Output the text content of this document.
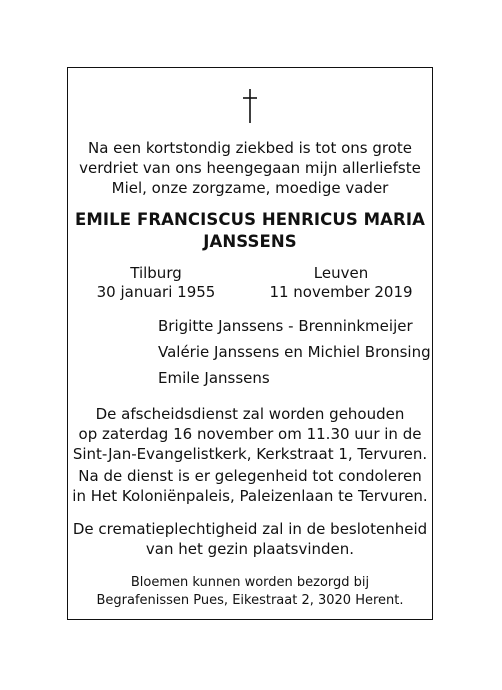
Na een kortstondig ziekbed is tot ons grote
verdriet van ons heengegaan mijn allerliefste
Miel, onze zorgzame, moedige vader
EMILE FRANCISCUS HENRICUS MARIA
JANSSENS
Tilburg
30 januari 1955
Leuven
11 november 2019
Brigitte Janssens - Brenninkmeijer
Valérie Janssens en Michiel Bronsing
Emile Janssens
De afscheidsdienst zal worden gehouden
op zaterdag 16 november om 11.30 uur in de
Sint-Jan-Evangelistkerk, Kerkstraat 1, Tervuren.
Na de dienst is er gelegenheid tot condoleren
in Het Koloniënpaleis, Paleizenlaan te Tervuren.
De crematieplechtigheid zal in de beslotenheid
van het gezin plaatsvinden.
Bloemen kunnen worden bezorgd bij
Begrafenissen Pues, Eikestraat 2, 3020 Herent.
